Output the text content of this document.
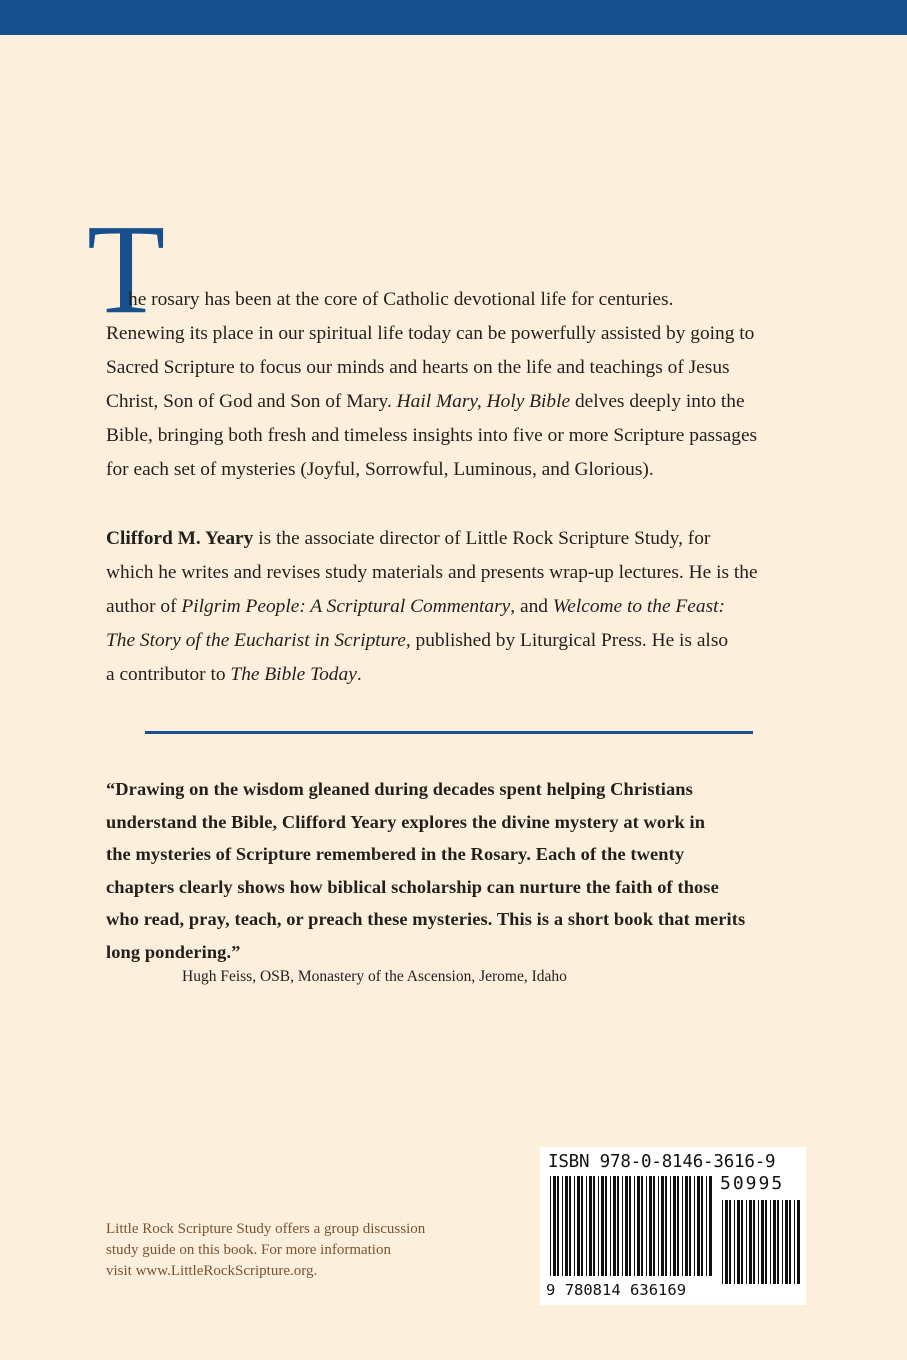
T
he rosary has been at the core of Catholic devotional life for centuries.
Renewing its place in our spiritual life today can be powerfully assisted by going to
Sacred Scripture to focus our minds and hearts on the life and teachings of Jesus
Christ, Son of God and Son of Mary. Hail Mary, Holy Bible delves deeply into the
Bible, bringing both fresh and timeless insights into five or more Scripture passages
for each set of mysteries (Joyful, Sorrowful, Luminous, and Glorious).
Clifford M. Yeary is the associate director of Little Rock Scripture Study, for
which he writes and revises study materials and presents wrap-up lectures. He is the
author of Pilgrim People: A Scriptural Commentary, and Welcome to the Feast:
The Story of the Eucharist in Scripture, published by Liturgical Press. He is also
a contributor to The Bible Today.
“Drawing on the wisdom gleaned during decades spent helping Christians
understand the Bible, Clifford Yeary explores the divine mystery at work in
the mysteries of Scripture remembered in the Rosary. Each of the twenty
chapters clearly shows how biblical scholarship can nurture the faith of those
who read, pray, teach, or preach these mysteries. This is a short book that merits
long pondering.”
Hugh Feiss, OSB, Monastery of the Ascension, Jerome, Idaho
Little Rock Scripture Study offers a group discussion
study guide on this book. For more information
visit www.LittleRockScripture.org.
ISBN 978-0-8146-3616-9
50995
9 780814 636169
